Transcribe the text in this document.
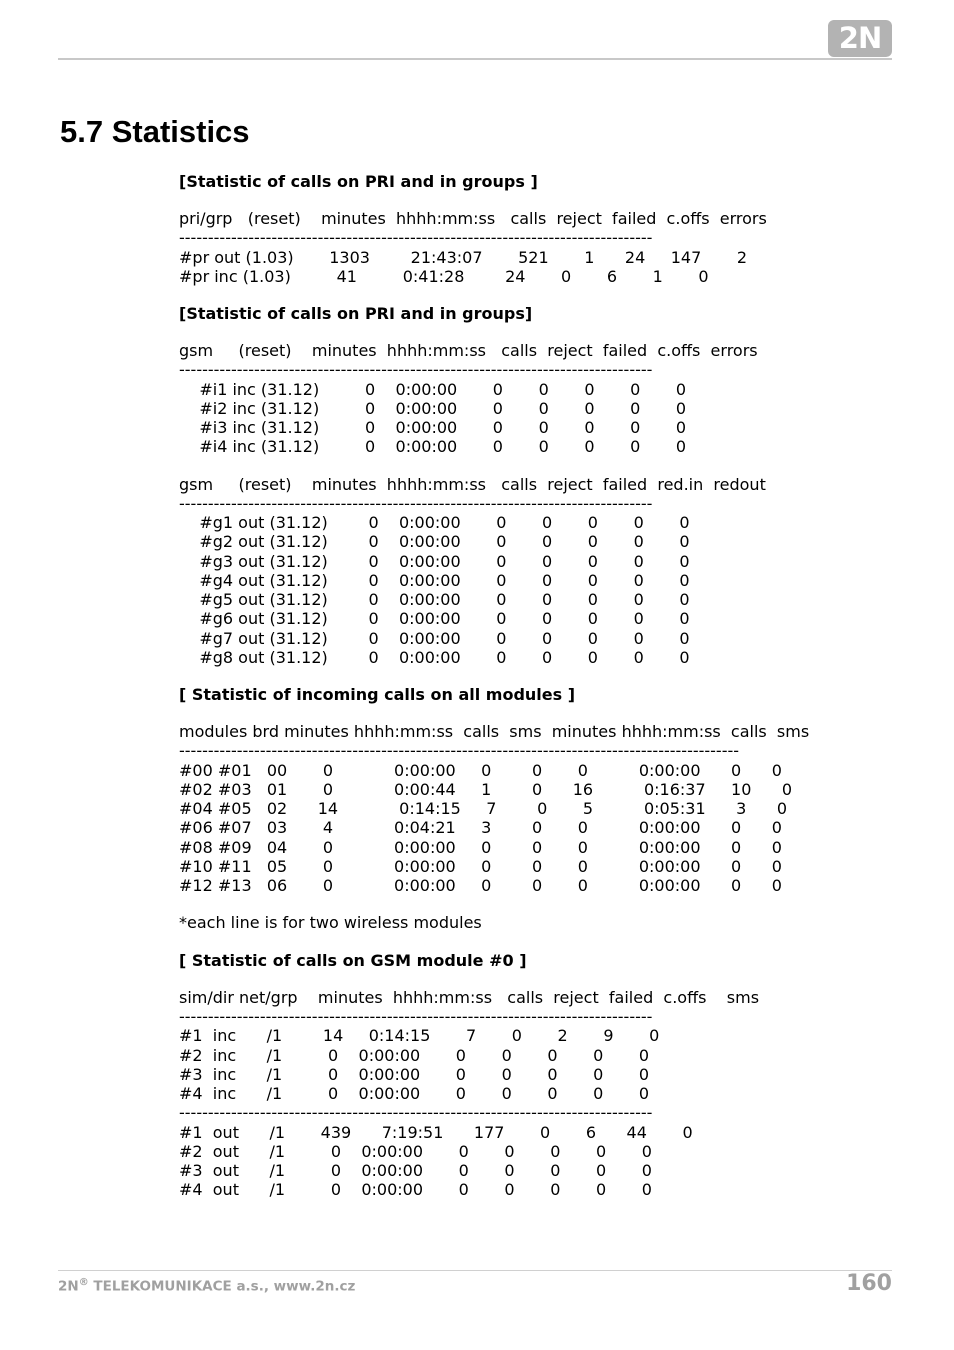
2N
5.7 Statistics
[Statistic of calls on PRI and in groups ]
pri/grp   (reset)    minutes  hhhh:mm:ss   calls  reject  failed  c.offs  errors
----------------------------------------------------------------------------------
#pr out (1.03)       1303        21:43:07       521       1      24     147       2
#pr inc (1.03)         41         0:41:28        24       0       6       1       0
[Statistic of calls on PRI and in groups]
gsm     (reset)    minutes  hhhh:mm:ss   calls  reject  failed  c.offs  errors
----------------------------------------------------------------------------------
#i1 inc (31.12)         0    0:00:00       0       0       0       0       0
#i2 inc (31.12)         0    0:00:00       0       0       0       0       0
#i3 inc (31.12)         0    0:00:00       0       0       0       0       0
#i4 inc (31.12)         0    0:00:00       0       0       0       0       0
gsm     (reset)    minutes  hhhh:mm:ss   calls  reject  failed  red.in  redout
----------------------------------------------------------------------------------
#g1 out (31.12)        0    0:00:00       0       0       0       0       0
#g2 out (31.12)        0    0:00:00       0       0       0       0       0
#g3 out (31.12)        0    0:00:00       0       0       0       0       0
#g4 out (31.12)        0    0:00:00       0       0       0       0       0
#g5 out (31.12)        0    0:00:00       0       0       0       0       0
#g6 out (31.12)        0    0:00:00       0       0       0       0       0
#g7 out (31.12)        0    0:00:00       0       0       0       0       0
#g8 out (31.12)        0    0:00:00       0       0       0       0       0
[ Statistic of incoming calls on all modules ]
modules brd minutes hhhh:mm:ss  calls  sms  minutes hhhh:mm:ss  calls  sms
-------------------------------------------------------------------------------------------------
#00 #01   00       0            0:00:00     0        0       0          0:00:00      0      0
#02 #03   01       0            0:00:44     1        0      16          0:16:37     10      0
#04 #05   02      14            0:14:15     7        0       5          0:05:31      3      0
#06 #07   03       4            0:04:21     3        0       0          0:00:00      0      0
#08 #09   04       0            0:00:00     0        0       0          0:00:00      0      0
#10 #11   05       0            0:00:00     0        0       0          0:00:00      0      0
#12 #13   06       0            0:00:00     0        0       0          0:00:00      0      0
*each line is for two wireless modules
[ Statistic of calls on GSM module #0 ]
sim/dir net/grp    minutes  hhhh:mm:ss   calls  reject  failed  c.offs    sms
----------------------------------------------------------------------------------
#1  inc      /1        14     0:14:15       7       0       2       9       0
#2  inc      /1         0    0:00:00       0       0       0       0       0
#3  inc      /1         0    0:00:00       0       0       0       0       0
#4  inc      /1         0    0:00:00       0       0       0       0       0
----------------------------------------------------------------------------------
#1  out      /1       439      7:19:51      177       0       6      44       0
#2  out      /1         0    0:00:00       0       0       0       0       0
#3  out      /1         0    0:00:00       0       0       0       0       0
#4  out      /1         0    0:00:00       0       0       0       0       0

2N® TELEKOMUNIKACE a.s., www.2n.cz	160
